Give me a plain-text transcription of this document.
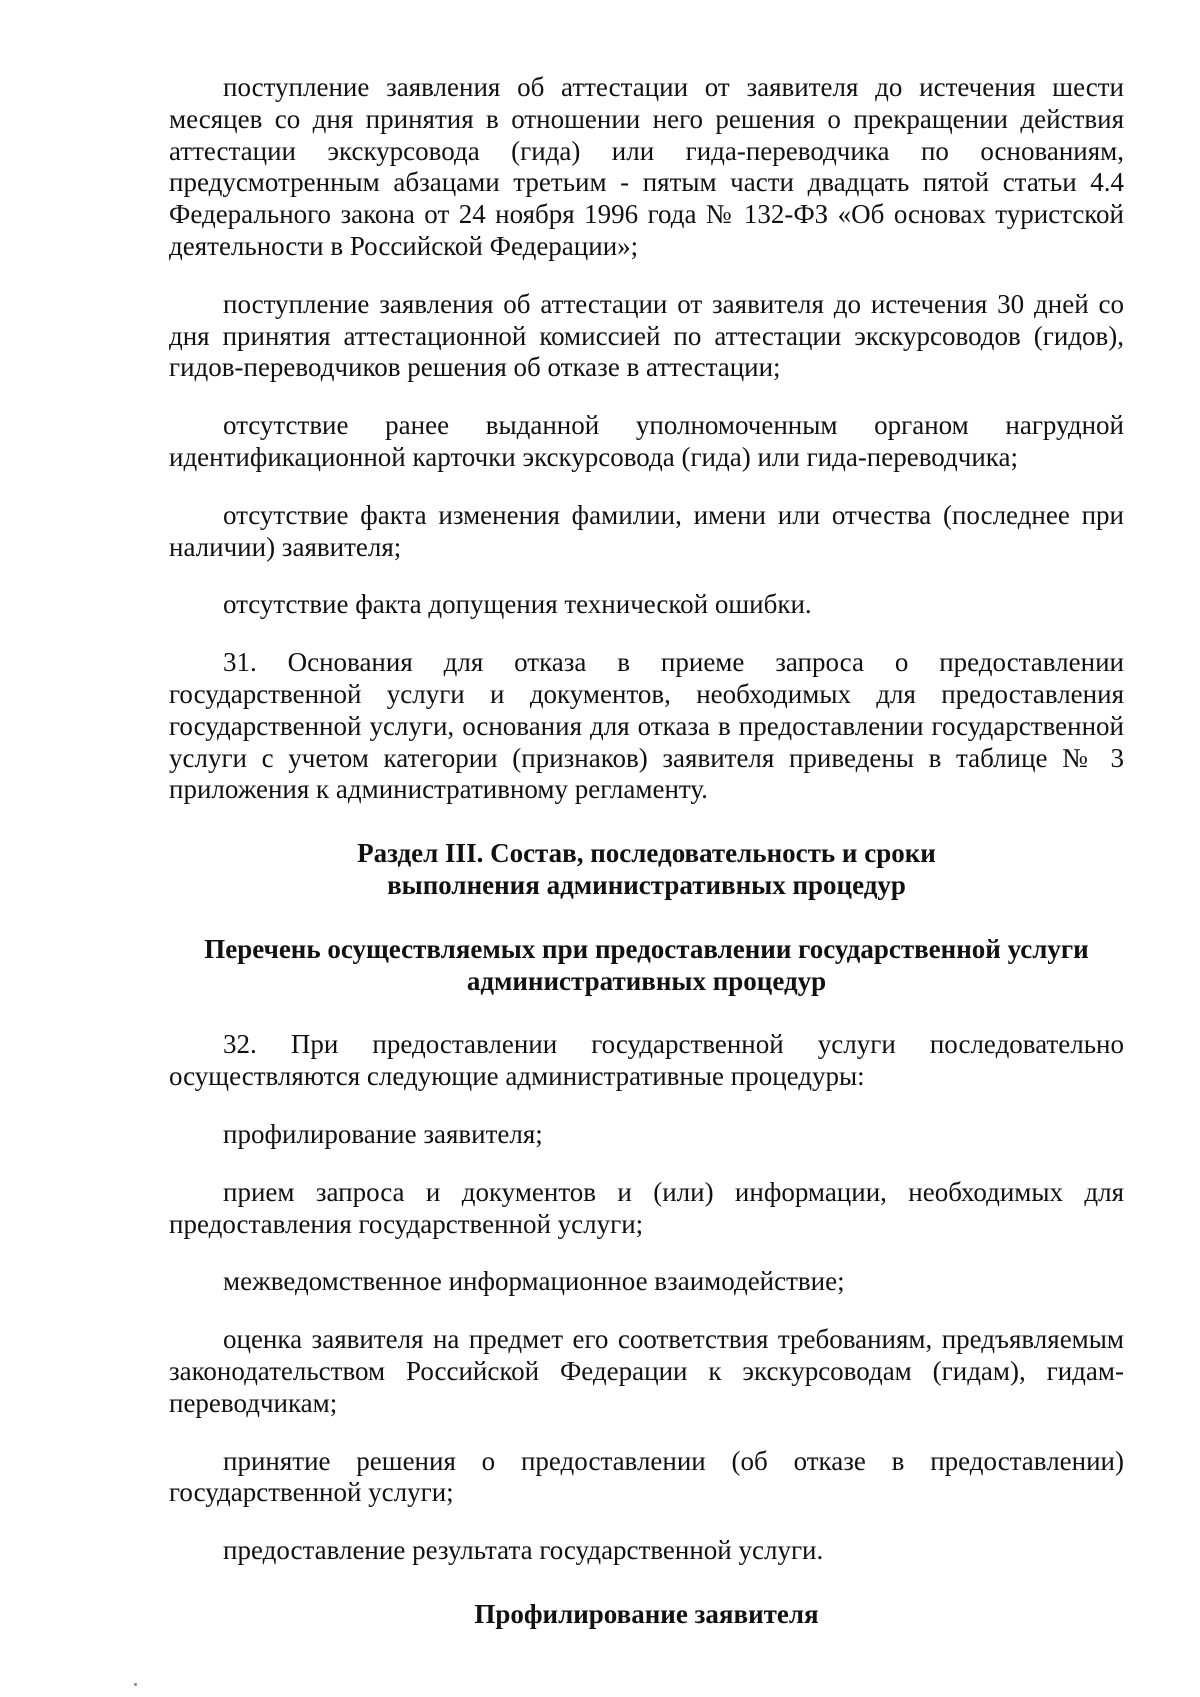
поступление заявления об аттестации от заявителя до истечения шести месяцев со дня принятия в отношении него решения о прекращении действия аттестации экскурсовода (гида) или гида-переводчика по основаниям, предусмотренным абзацами третьим - пятым части двадцать пятой статьи 4.4 Федерального закона от 24 ноября 1996 года № 132-ФЗ «Об основах туристской деятельности в Российской Федерации»;

поступление заявления об аттестации от заявителя до истечения 30 дней со дня принятия аттестационной комиссией по аттестации экскурсоводов (гидов), гидов-переводчиков решения об отказе в аттестации;

отсутствие ранее выданной уполномоченным органом нагрудной идентификационной карточки экскурсовода (гида) или гида-переводчика;

отсутствие факта изменения фамилии, имени или отчества (последнее при наличии) заявителя;

отсутствие факта допущения технической ошибки.

31. Основания для отказа в приеме запроса о предоставлении государственной услуги и документов, необходимых для предоставления государственной услуги, основания для отказа в предоставлении государственной услуги с учетом категории (признаков) заявителя приведены в таблице № 3 приложения к административному регламенту.

Раздел III. Состав, последовательность и сроки
выполнения административных процедур
Перечень осуществляемых при предоставлении государственной услуги
административных процедур

32. При предоставлении государственной услуги последовательно осуществляются следующие административные процедуры:

профилирование заявителя;

прием запроса и документов и (или) информации, необходимых для предоставления государственной услуги;

межведомственное информационное взаимодействие;

оценка заявителя на предмет его соответствия требованиям, предъявляемым законодательством Российской Федерации к экскурсоводам (гидам), гидам-переводчикам;

принятие решения о предоставлении (об отказе в предоставлении) государственной услуги;

предоставление результата государственной услуги.

Профилирование заявителя
